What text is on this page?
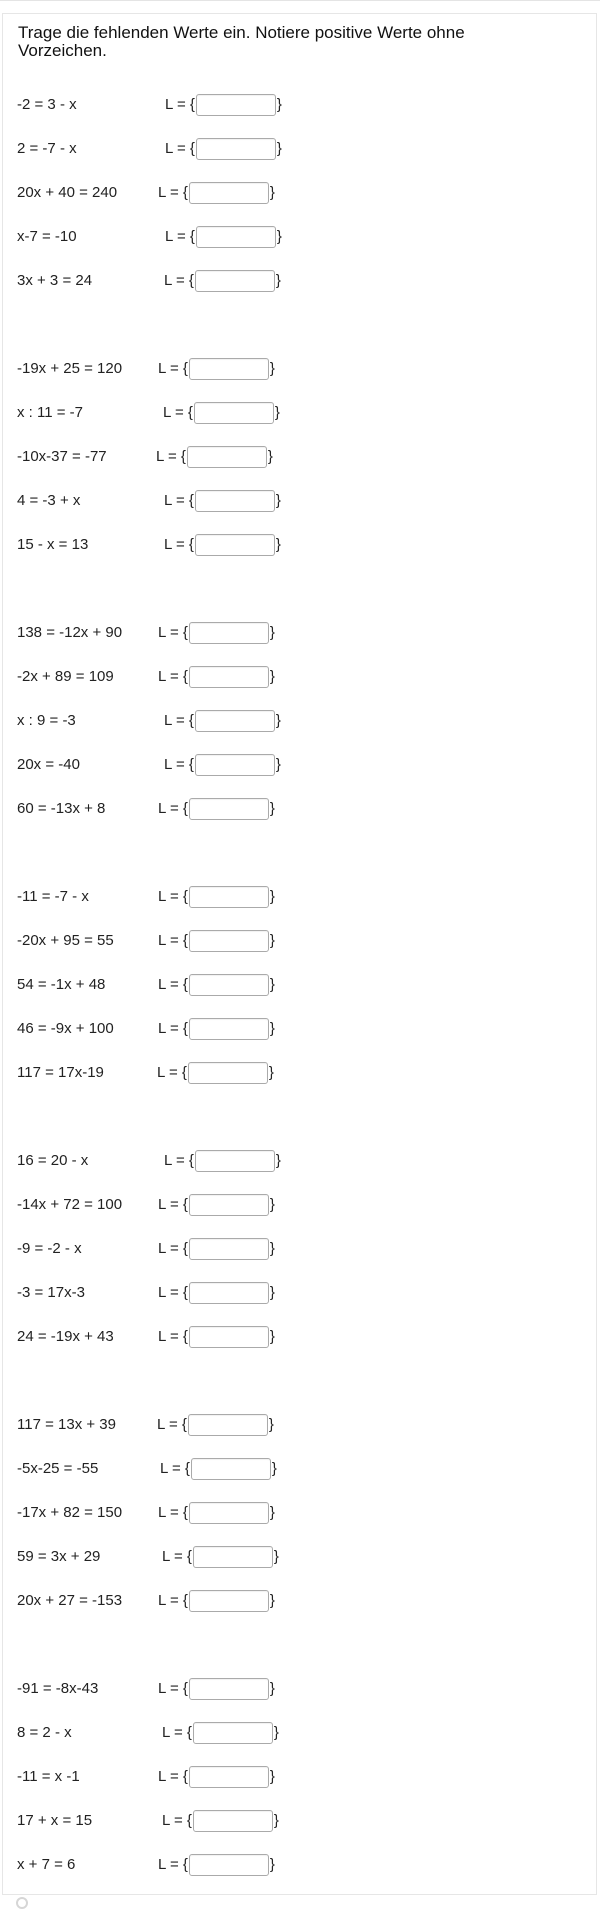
Trage die fehlenden Werte ein. Notiere positive Werte ohne Vorzeichen.

-2 = 3 - x	L = {	}
2 = -7 - x	L = {	}
20x + 40 = 240	L = {	}
x-7 = -10	L = {	}
3x + 3 = 24	L = {	}
-19x + 25 = 120 L = {	}
x : 11 = -7	L = {	}
-10x-37 = -77	L = {	}
4 = -3 + x	L = {	}
15 - x = 13	L = {	}
138 = -12x + 90 L = {	}
-2x + 89 = 109	L = {	}
x : 9 = -3	L = {	}
20x = -40	L = {	}
60 = -13x + 8	L = {	}
-11 = -7 - x	L = {	}
-20x + 95 = 55	L = {	}
54 = -1x + 48	L = {	}
46 = -9x + 100	L = {	}
117 = 17x-19	L = {	}
16 = 20 - x	L = {	}
-14x + 72 = 100 L = {	}
-9 = -2 - x	L = {	}
-3 = 17x-3	L = {	}
24 = -19x + 43	L = {	}
117 = 13x + 39	L = {	}
-5x-25 = -55	L = {	}
-17x + 82 = 150 L = {	}
59 = 3x + 29	L = {	}
20x + 27 = -153 L = {	}
-91 = -8x-43	L = {	}
8 = 2 - x	L = {	}
-11 = x -1	L = {	}
17 + x = 15	L = {	}
x + 7 = 6	L = {	}
